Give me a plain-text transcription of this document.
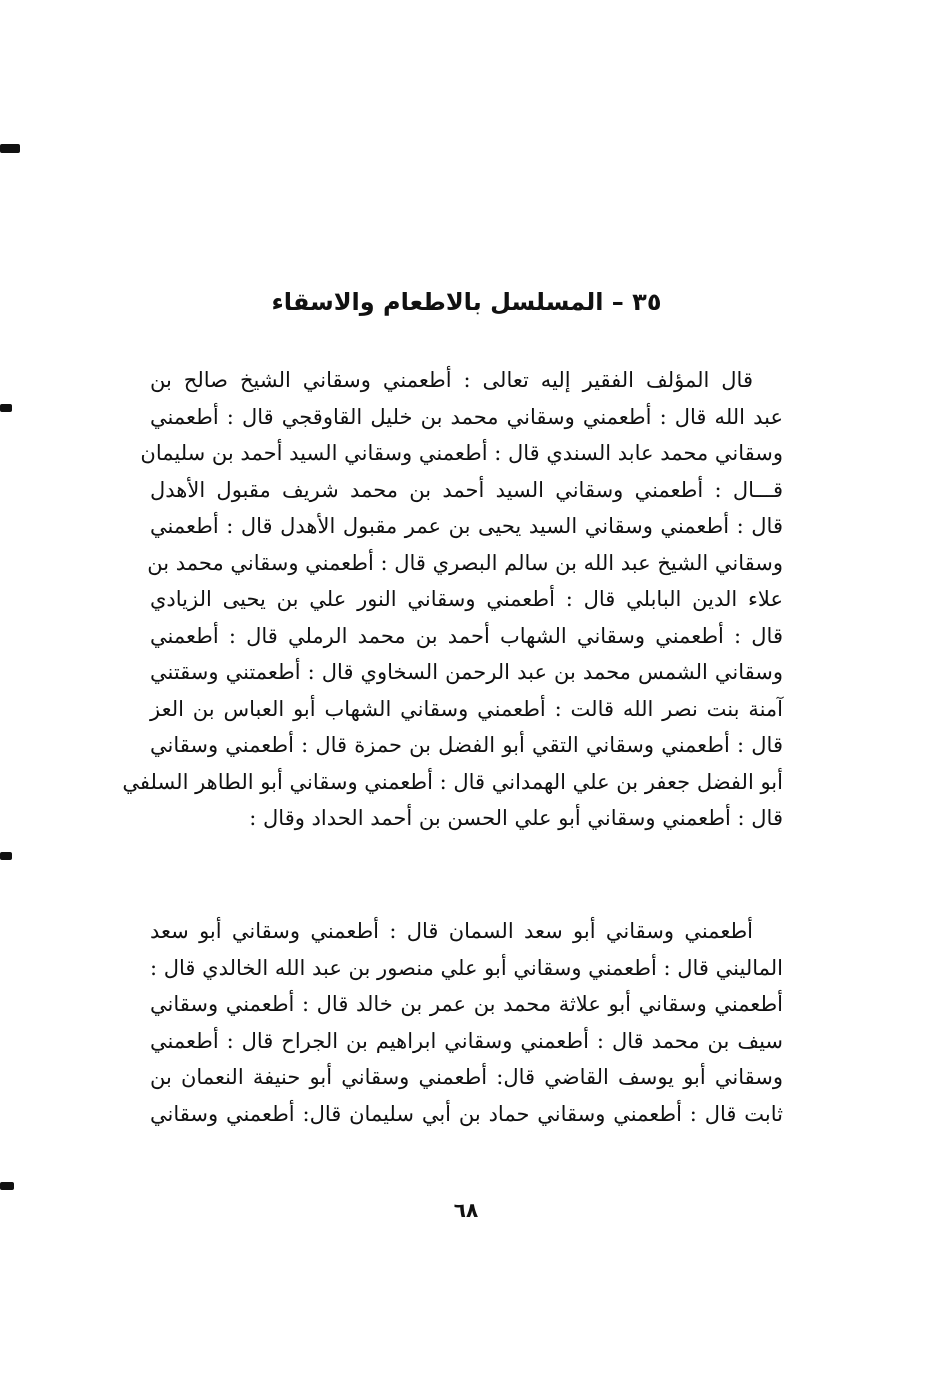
٣٥ – المسلسل بالاطعام والاسقاء
قال المؤلف الفقير إليه تعالى : أطعمني وسقاني الشيخ صالح بن
عبد الله قال : أطعمني وسقاني محمد بن خليل القاوقجي قال : أطعمني
وسقاني محمد عابد السندي قال : أطعمني وسقاني السيد أحمد بن سليمان
قـــال : أطعمني وسقاني السيد أحمد بن محمد شريف مقبول الأهدل
قال : أطعمني وسقاني السيد يحيى بن عمر مقبول الأهدل قال : أطعمني
وسقاني الشيخ عبد الله بن سالم البصري قال : أطعمني وسقاني محمد بن
علاء الدين البابلي قال : أطعمني وسقاني النور علي بن يحيى الزيادي
قال : أطعمني وسقاني الشهاب أحمد بن محمد الرملي قال : أطعمني
وسقاني الشمس محمد بن عبد الرحمن السخاوي قال : أطعمتني وسقتني
آمنة بنت نصر الله قالت : أطعمني وسقاني الشهاب أبو العباس بن العز
قال : أطعمني وسقاني التقي أبو الفضل بن حمزة قال : أطعمني وسقاني
أبو الفضل جعفر بن علي الهمداني قال : أطعمني وسقاني أبو الطاهر السلفي
قال : أطعمني وسقاني أبو علي الحسن بن أحمد الحداد وقال :
أطعمني وسقاني أبو سعد السمان قال : أطعمني وسقاني أبو سعد
الماليني قال : أطعمني وسقاني أبو علي منصور بن عبد الله الخالدي قال :
أطعمني وسقاني أبو علاثة محمد بن عمر بن خالد قال : أطعمني وسقاني
سيف بن محمد قال : أطعمني وسقاني ابراهيم بن الجراح قال : أطعمني
وسقاني أبو يوسف القاضي قال: أطعمني وسقاني أبو حنيفة النعمان بن
ثابت قال : أطعمني وسقاني حماد بن أبي سليمان قال: أطعمني وسقاني
٦٨
